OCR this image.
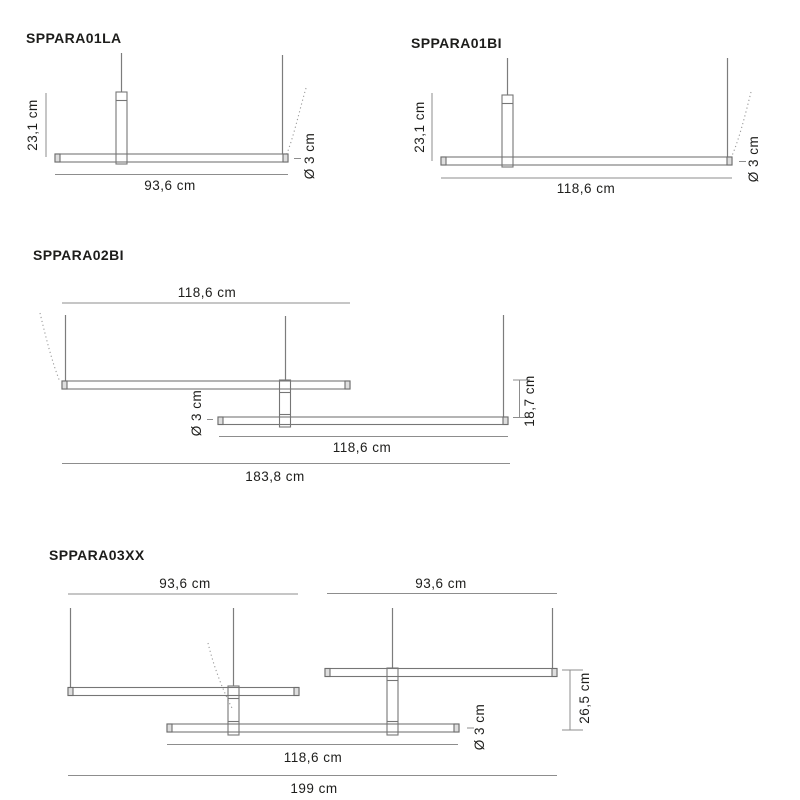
SPPARA01LA
23,1 cm
93,6 cm
Ø 3 cm
SPPARA01BI
23,1 cm
118,6 cm
Ø 3 cm
SPPARA02BI
118,6 cm
Ø 3 cm	18,7 cm
118,6 cm
183,8 cm
SPPARA03XX
93,6 cm	93,6 cm
26,5 cm
Ø 3 cm
118,6 cm
199 cm
